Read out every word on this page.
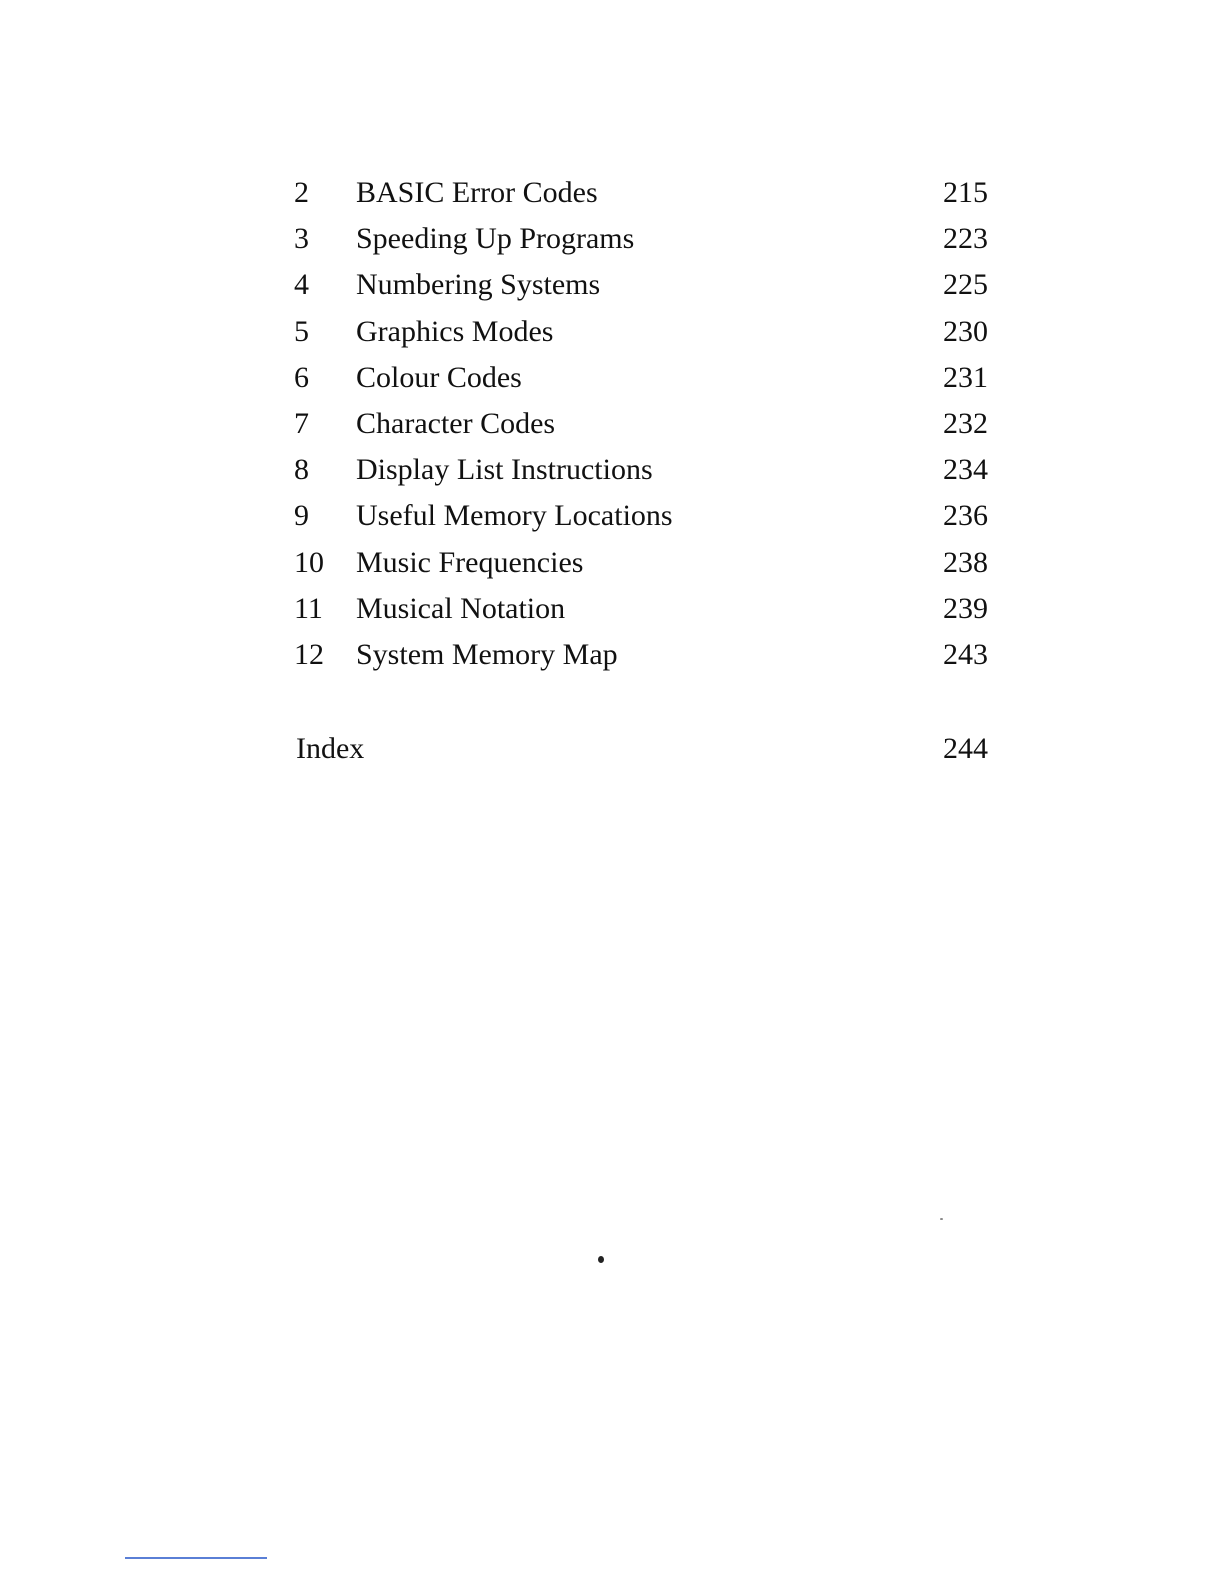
2 BASIC Error Codes	215
3 Speeding Up Programs	223
4 Numbering Systems	225
5 Graphics Modes	230
6 Colour Codes	231
7 Character Codes	232
8 Display List Instructions	234
9 Useful Memory Locations	236
10 Music Frequencies	238
11 Musical Notation	239
12 System Memory Map	243
Index	244
